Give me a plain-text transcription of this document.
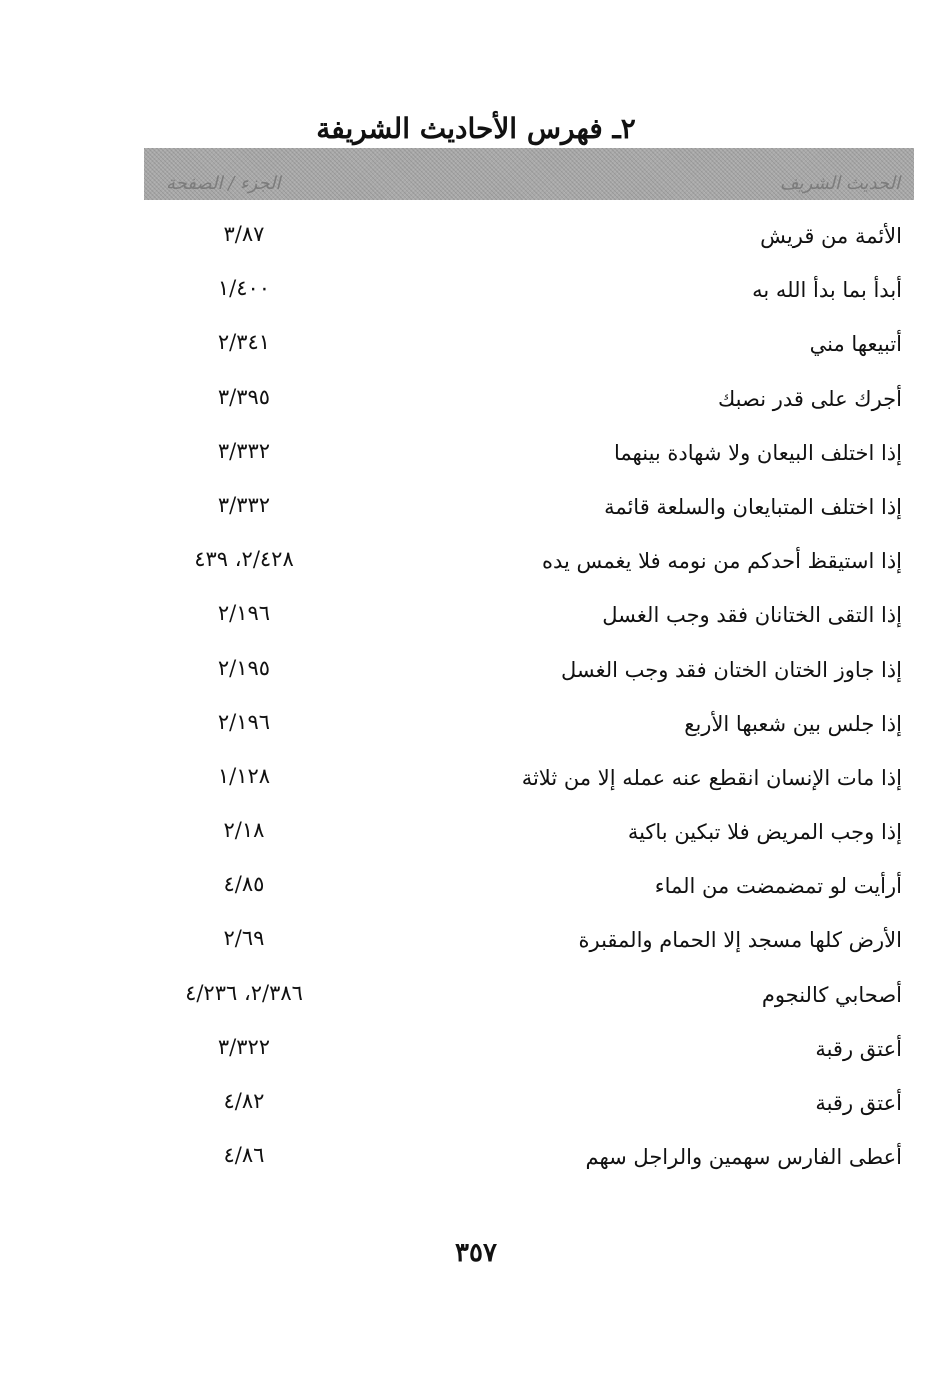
٢ـ فهرس الأحاديث الشريفة
الحديث الشريف
الجزء / الصفحة
الأئمة من قريش
٣/٨٧
أبدأ بما بدأ الله به
١/٤٠٠
أتبيعها مني
٢/٣٤١
أجرك على قدر نصبك
٣/٣٩٥
إذا اختلف البيعان ولا شهادة بينهما
٣/٣٣٢
إذا اختلف المتبايعان والسلعة قائمة
٣/٣٣٢
إذا استيقظ أحدكم من نومه فلا يغمس يده
٢/٤٢٨، ٤٣٩
إذا التقى الختانان فقد وجب الغسل
٢/١٩٦
إذا جاوز الختان الختان فقد وجب الغسل
٢/١٩٥
إذا جلس بين شعبها الأربع
٢/١٩٦
إذا مات الإنسان انقطع عنه عمله إلا من ثلاثة
١/١٢٨
إذا وجب المريض فلا تبكين باكية
٢/١٨
أرأيت لو تمضمضت من الماء
٤/٨٥
الأرض كلها مسجد إلا الحمام والمقبرة
٢/٦٩
أصحابي كالنجوم
٢/٣٨٦، ٤/٢٣٦
أعتق رقبة
٣/٣٢٢
أعتق رقبة
٤/٨٢
أعطى الفارس سهمين والراجل سهم
٤/٨٦
٣٥٧
